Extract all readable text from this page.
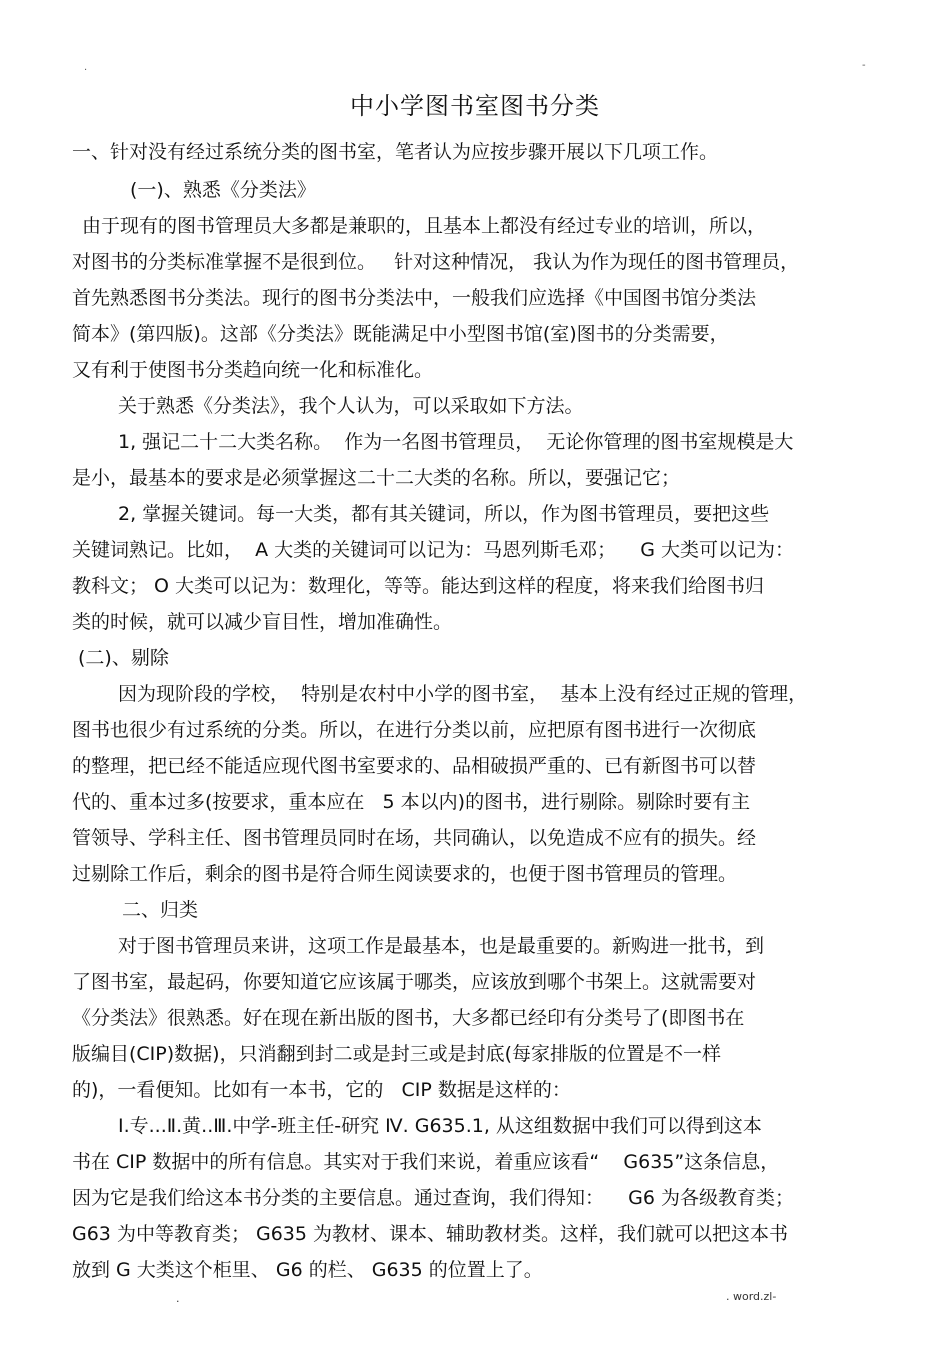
.	-
中小学图书室图书分类
一、针对没有经过系统分类的图书室，笔者认为应按步骤开展以下几项工作。
(一)、熟悉《分类法》
由于现有的图书管理员大多都是兼职的，且基本上都没有经过专业的培训，所以，
对图书的分类标准掌握不是很到位。   针对这种情况， 我认为作为现任的图书管理员，
首先熟悉图书分类法。现行的图书分类法中，一般我们应选择《中国图书馆分类法
简本》(第四版)。这部《分类法》既能满足中小型图书馆(室)图书的分类需要，
又有利于使图书分类趋向统一化和标准化。
关于熟悉《分类法》，我个人认为，可以采取如下方法。
1, 强记二十二大类名称。  作为一名图书管理员，  无论你管理的图书室规模是大
是小，最基本的要求是必须掌握这二十二大类的名称。所以，要强记它；
2, 掌握关键词。每一大类，都有其关键词，所以，作为图书管理员，要把这些
关键词熟记。比如，  A 大类的关键词可以记为：马恩列斯毛邓；    G 大类可以记为：
教科文； O 大类可以记为：数理化，等等。能达到这样的程度，将来我们给图书归
类的时候，就可以减少盲目性，增加准确性。
(二)、剔除
因为现阶段的学校，  特别是农村中小学的图书室，  基本上没有经过正规的管理，
图书也很少有过系统的分类。所以，在进行分类以前，应把原有图书进行一次彻底
的整理，把已经不能适应现代图书室要求的、品相破损严重的、已有新图书可以替
代的、重本过多(按要求，重本应在   5 本以内)的图书，进行剔除。剔除时要有主
管领导、学科主任、图书管理员同时在场，共同确认，以免造成不应有的损失。经
过剔除工作后，剩余的图书是符合师生阅读要求的，也便于图书管理员的管理。
二、归类
对于图书管理员来讲，这项工作是最基本，也是最重要的。新购进一批书，到
了图书室，最起码，你要知道它应该属于哪类，应该放到哪个书架上。这就需要对
《分类法》很熟悉。好在现在新出版的图书，大多都已经印有分类号了(即图书在
版编目(CIP)数据)，只消翻到封二或是封三或是封底(每家排版的位置是不一样
的)，一看便知。比如有一本书，它的   CIP 数据是这样的：
Ⅰ.专...Ⅱ.黄..Ⅲ.中学-班主任-研究 Ⅳ. G635.1, 从这组数据中我们可以得到这本
书在 CIP 数据中的所有信息。其实对于我们来说，着重应该看“    G635”这条信息，
因为它是我们给这本书分类的主要信息。通过查询，我们得知：    G6 为各级教育类；
G63 为中等教育类； G635 为教材、课本、辅助教材类。这样，我们就可以把这本书
放到 G 大类这个柜里、 G6 的栏、 G635 的位置上了。
.	. word.zl-
